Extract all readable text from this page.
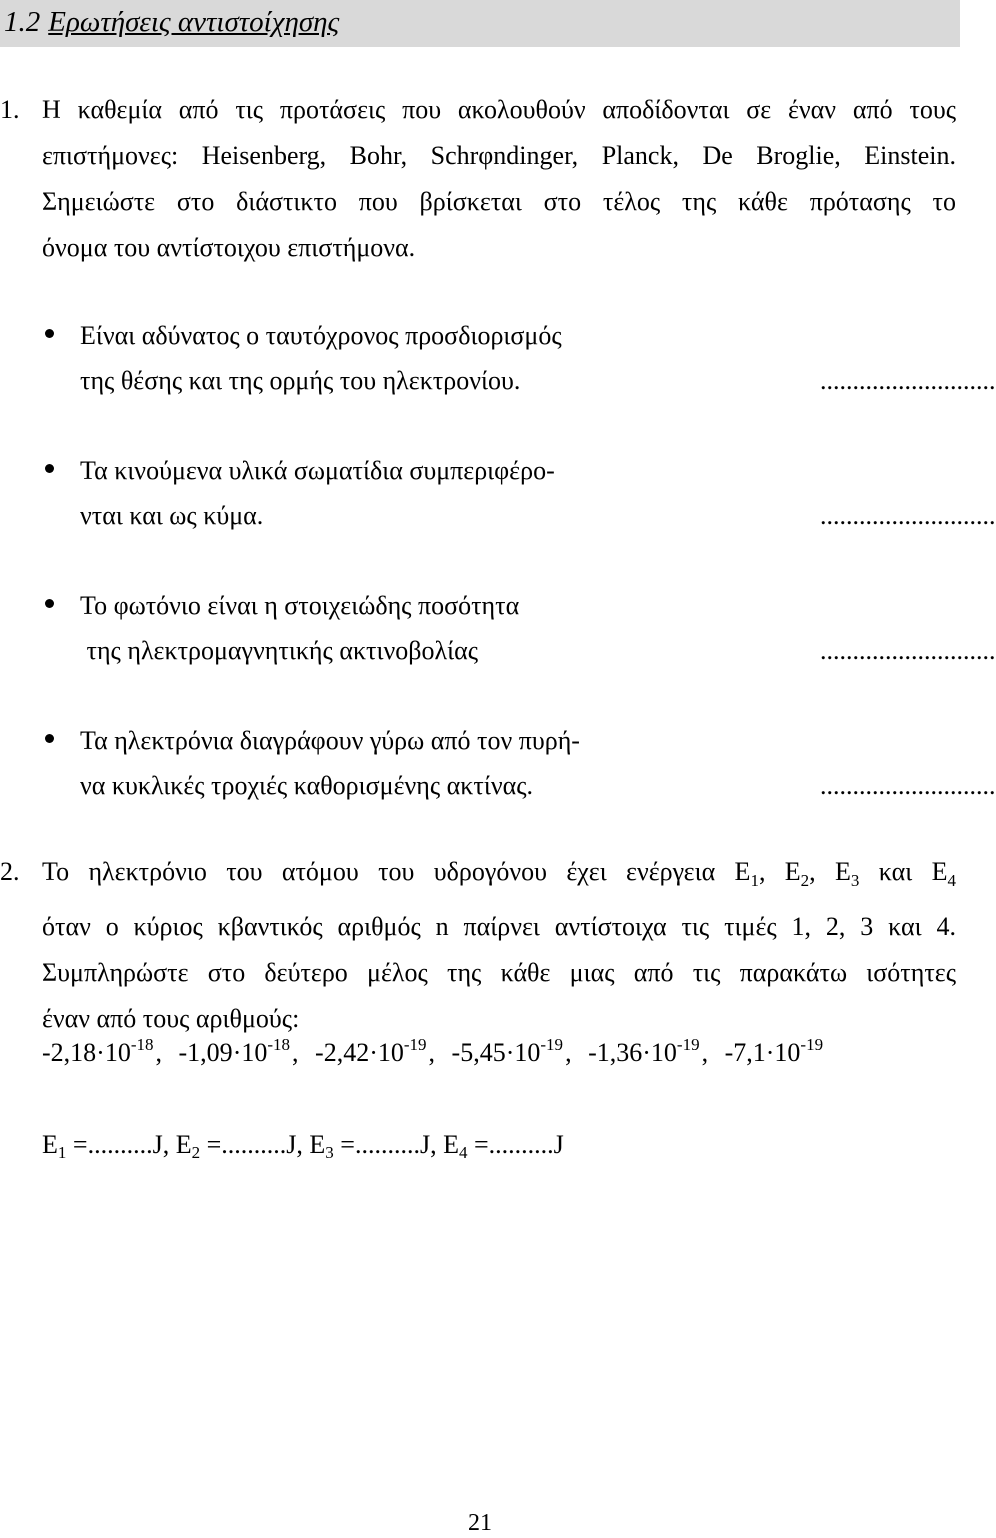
1.2 Ερωτήσεις αντιστοίχησης
1. Η καθεμία από τις προτάσεις που ακολουθούν αποδίδονται σε έναν από τους
επιστήμονες: Heisenberg, Bohr, Schrφndinger, Planck, De Broglie, Einstein.
Σημειώστε στο διάστικτο που βρίσκεται στο τέλος της κάθε πρότασης το
όνομα του αντίστοιχου επιστήμονα.
Είναι αδύνατος ο ταυτόχρονος προσδιορισμός
της θέσης και της ορμής του ηλεκτρονίου.	...........................
Τα κινούμενα υλικά σωματίδια συμπεριφέρο-
νται και ως κύμα.	...........................
Το φωτόνιο είναι η στοιχειώδης ποσότητα
της ηλεκτρομαγνητικής ακτινοβολίας	...........................
Τα ηλεκτρόνια διαγράφουν γύρω από τον πυρή-
να κυκλικές τροχιές καθορισμένης ακτίνας.	...........................
2. Το ηλεκτρόνιο του ατόμου του υδρογόνου έχει ενέργεια $E_1$, $E_2$, $E_3$ και $E_4$
όταν ο κύριος κβαντικός αριθμός n παίρνει αντίστοιχα τις τιμές 1, 2, 3 και 4.
Συμπληρώστε στο δεύτερο μέλος της κάθε μιας από τις παρακάτω ισότητες
έναν από τους αριθμούς:
$-2,18\cdot 10^{-18}$, $-1,09\cdot 10^{-18}$, $-2,42\cdot 10^{-19}$, $-5,45\cdot 10^{-19}$, $-1,36\cdot 10^{-19}$, $-7,1\cdot 10^{-19}$
$E_1 =..........J$, $E_2 =..........J$, $E_3 =..........J$, $E_4 =..........J$
21
